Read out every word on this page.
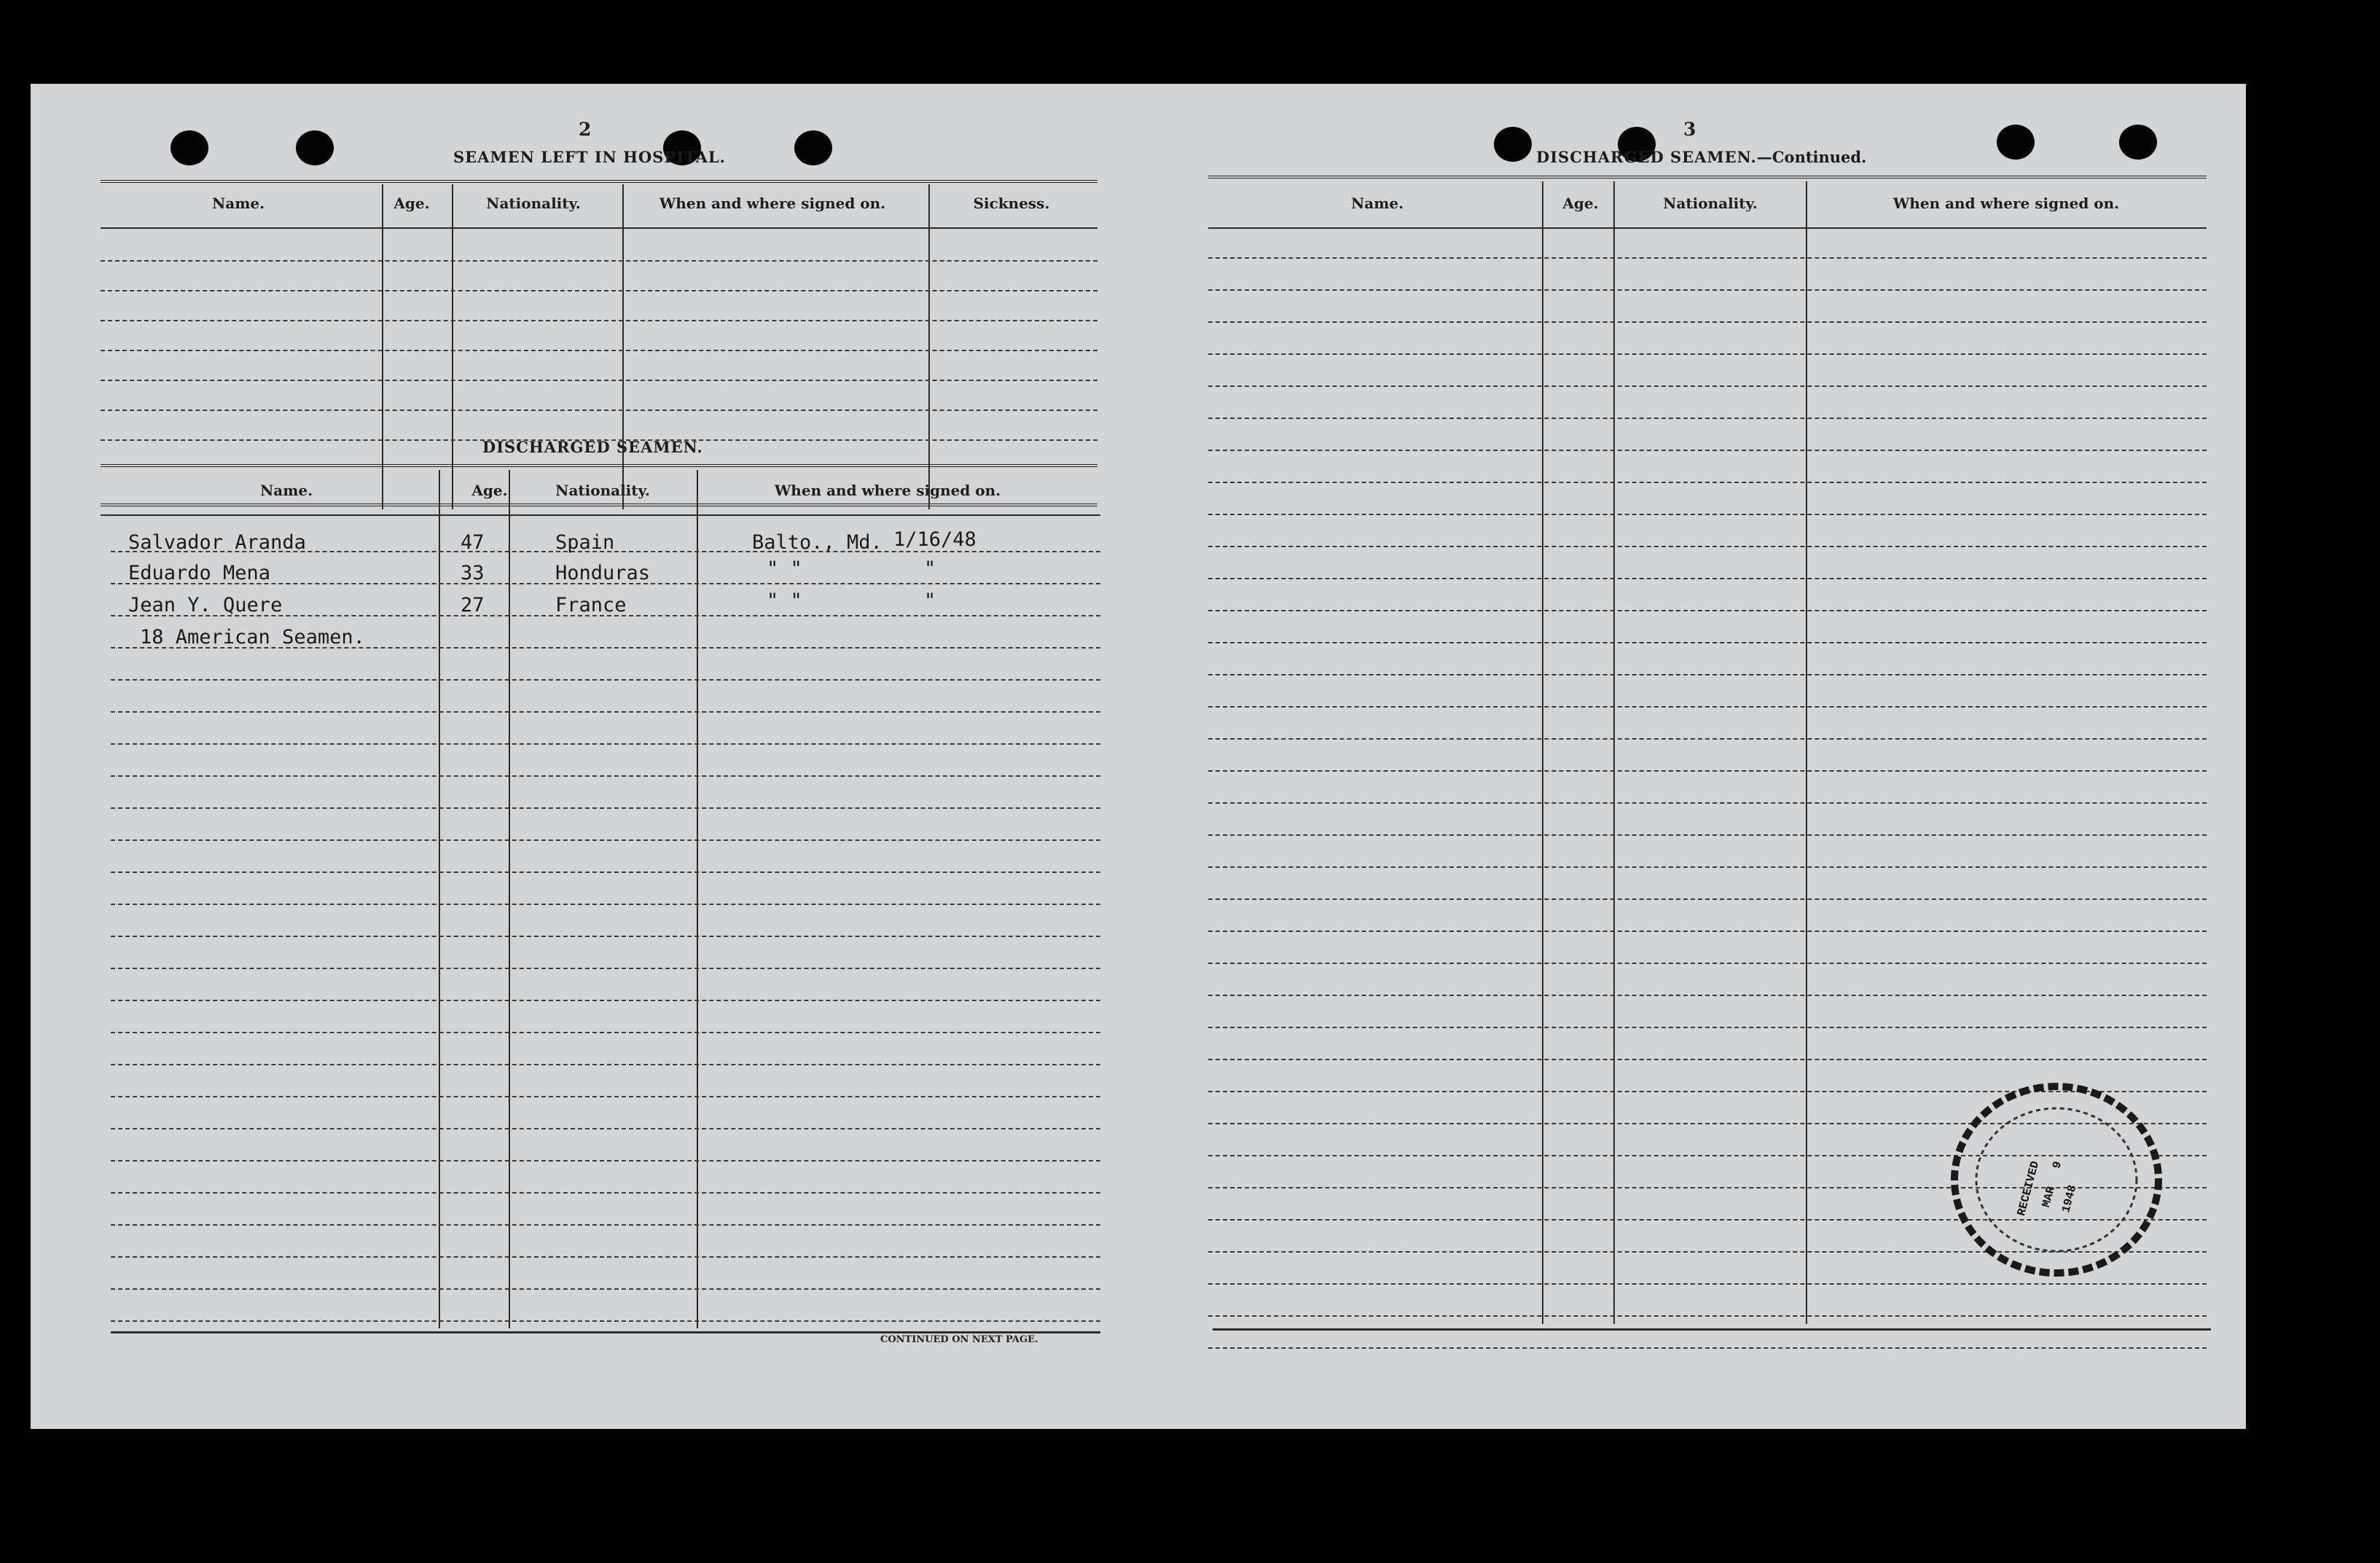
2
SEAMEN LEFT IN HOSPITAL.
Name.	Age.	Nationality.	When and where signed on.	Sickness.
DISCHARGED SEAMEN.
Name.	Age.	Nationality.	When and where signed on.
Salvador Aranda	47	Spain	Balto., Md. 1/16/48
Eduardo Mena	33	Honduras	" "	"
Jean Y. Quere	27	France	" "	"
18 American Seamen.
CONTINUED ON NEXT PAGE.
3
DISCHARGED SEAMEN.—Continued.
Name.	Age.	Nationality.	When and where signed on.
RECEIVED
MAR
9
1948
